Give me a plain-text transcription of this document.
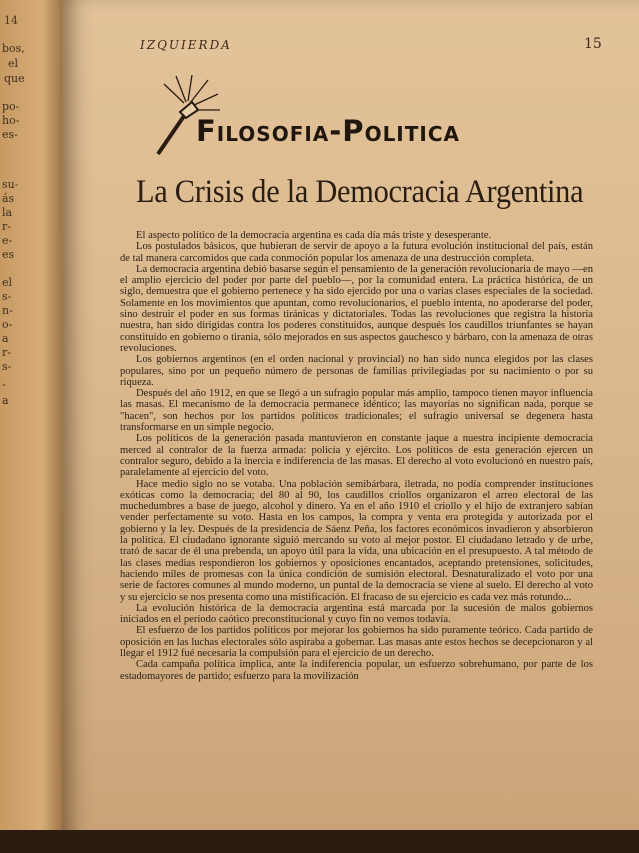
14
bos,
el
que
po-
ho-
es-
su-
ás
la
r-
e-
es
el
s-
n-
o-
a
r-
s-
-
a
IZQUIERDA	15
Filosofia-Politica
La Crisis de la Democracia Argentina

El aspecto político de la democracia argentina es cada día más triste y desesperante.

Los postulados básicos, que hubieran de servir de apoyo a la futura evolución institucional del país, están de tal manera carcomidos que cada conmoción popular los amenaza de una destrucción completa.

La democracia argentina debió basarse según el pensamiento de la generación revolucionaria de mayo —en el amplio ejercicio del poder por parte del pueblo—, por la comunidad entera. La práctica histórica, de un siglo, demuestra que el gobierno pertenece y ha sido ejercido por una o varias clases especiales de la sociedad. Solamente en los movimientos que apuntan, como revolucionarios, el pueblo intenta, no apoderarse del poder, sino destruir el poder en sus formas tiránicas y dictatoriales. Todas las revoluciones que registra la historia nuestra, han sido dirigidas contra los poderes constituídos, aunque después los caudillos triunfantes se hayan constituído en gobierno o tiranía, sólo mejorados en sus aspectos gauchesco y bárbaro, con la amenaza de otras revoluciones.

Los gobiernos argentinos (en el orden nacional y provincial) no han sido nunca elegidos por las clases populares, sino por un pequeño número de personas de familias privilegiadas por su nacimiento o por su riqueza.

Después del año 1912, en que se llegó a un sufragio popular más amplio, tampoco tienen mayor influencia las masas. El mecanismo de la democracia permanece idéntico; las mayorías no significan nada, porque se "hacen", son hechos por los partidos políticos tradicionales; el sufragio universal se degenera hasta transformarse en un simple negocio.

Los políticos de la generación pasada mantuvieron en constante jaque a nuestra incipiente democracia merced al contralor de la fuerza armada: policía y ejército. Los políticos de esta generación ejercen un contralor seguro, debido a la inercia e indiferencia de las masas. El derecho al voto evolucionó en nuestro país, paralelamente al ejercicio del voto.

Hace medio siglo no se votaba. Una población semibárbara, iletrada, no podía comprender instituciones exóticas como la democracia; del 80 al 90, los caudillos criollos organizaron el arreo electoral de las muchedumbres a base de juego, alcohol y dinero. Ya en el año 1910 el criollo y el hijo de extranjero sabían vender perfectamente su voto. Hasta en los campos, la compra y venta era protegida y autorizada por el gobierno y la ley. Después de la presidencia de Sáenz Peña, los factores económicos invadieron y absorbieron la política. El ciudadano ignorante siguió mercando su voto al mejor postor. El ciudadano letrado y de urbe, trató de sacar de él una prebenda, un apoyo útil para la vida, una ubicación en el presupuesto. A tal método de las clases medias respondieron los gobiernos y oposiciones encantados, aceptando pretensiones, solicitudes, haciendo miles de promesas con la única condición de sumisión electoral. Desnaturalizado el voto por una serie de factores comunes al mundo moderno, un puntal de la democracia se viene al suelo. El derecho al voto y su ejercicio se nos presenta como una mistificación. El fracaso de su ejercicio es cada vez más rotundo...

La evolución histórica de la democracia argentina está marcada por la sucesión de malos gobiernos iniciados en el período caótico preconstitucional y cuyo fin no vemos todavía.

El esfuerzo de los partidos políticos por mejorar los gobiernos ha sido puramente teórico. Cada partido de oposición en las luchas electorales sólo aspiraba a gobernar. Las masas ante estos hechos se decepcionaron y al llegar el 1912 fué necesaria la compulsión para el ejercicio de un derecho.

Cada campaña política implica, ante la indiferencia popular, un esfuerzo sobrehumano, por parte de los estadomayores de partido; esfuerzo para la movilización
